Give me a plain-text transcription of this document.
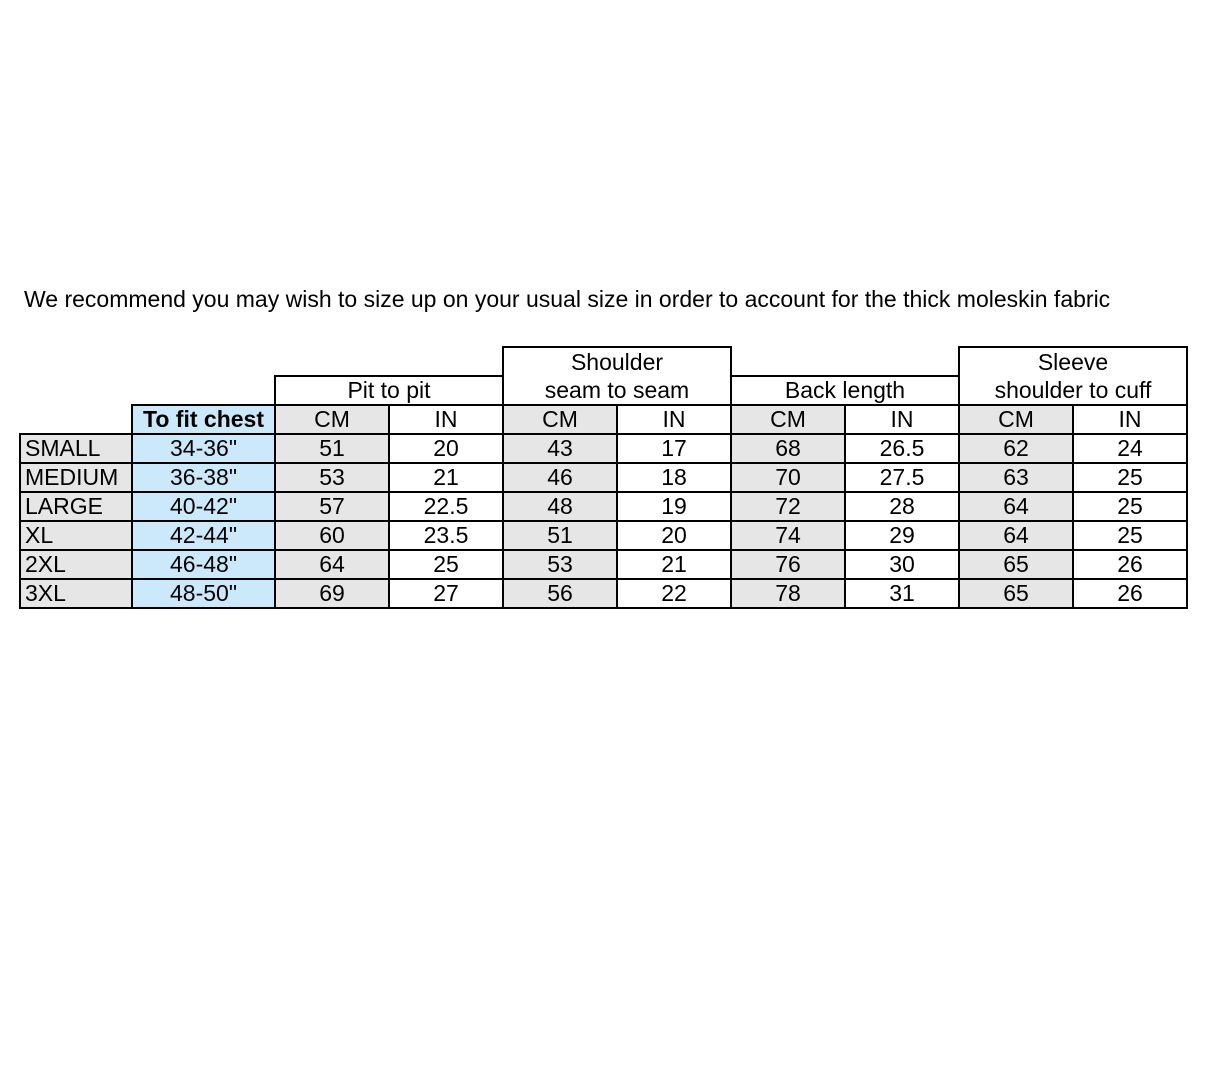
We recommend you may wish to size up on your usual size in order to account for the thick moleskin fabric

				Shoulder				Sleeve	
		Pit to pit		seam to seam		Back length		shoulder to cuff	
	To fit chest	CM	IN	CM	IN	CM	IN	CM	IN
SMALL	34-36"	51	20	43	17	68	26.5	62	24
MEDIUM	36-38"	53	21	46	18	70	27.5	63	25
LARGE	40-42"	57	22.5	48	19	72	28	64	25
XL	42-44"	60	23.5	51	20	74	29	64	25
2XL	46-48"	64	25	53	21	76	30	65	26
3XL	48-50"	69	27	56	22	78	31	65	26
